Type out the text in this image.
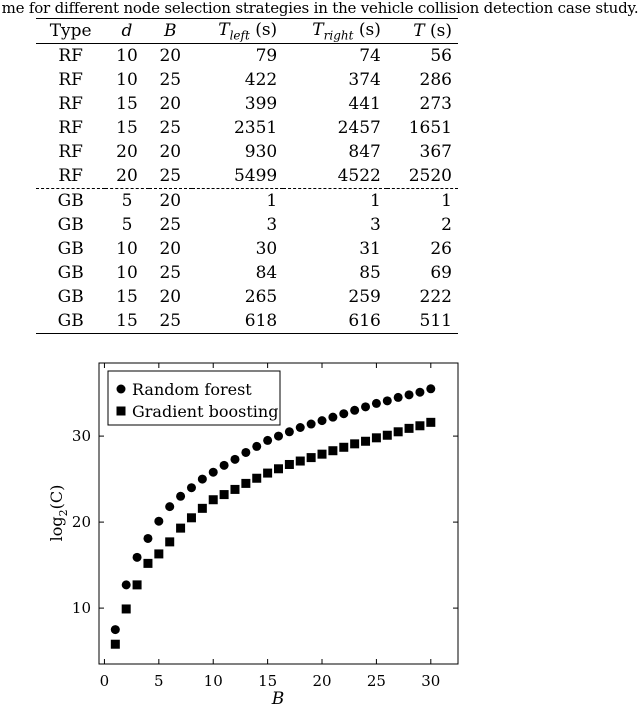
me for different node selection strategies in the vehicle collision detection case study.
Type	d	B	$T_{left}$ (s)	$T_{right}$ (s)	T (s)
RF	10	20	79	74	56
RF	10	25	422	374	286
RF	15	20	399	441	273
RF	15	25	2351	2457	1651
RF	20	20	930	847	367
RF	20	25	5499	4522	2520
GB	5	20	1	1	1
GB	5	25	3	3	2
GB	10	20	30	31	26
GB	10	25	84	85	69
GB	15	20	265	259	222
GB	15	25	618	616	511
0	5	10 15 20 25 30
10
20
30
B
$\log_2(C)$
Random forest
Gradient boosting
